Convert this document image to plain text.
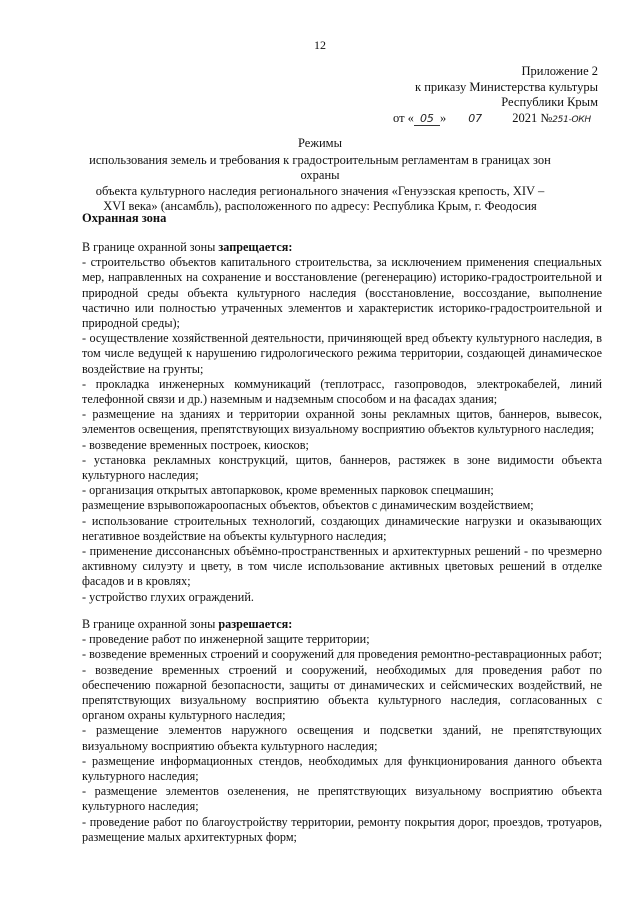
12
Приложение 2
к приказу Министерства культуры
Республики Крым
от « 05 » 07 2021 №251-ОКН
Режимы
использования земель и требования к градостроительным регламентам в границах зон охраны
объекта культурного наследия регионального значения «Генуэзская крепость, XIV –
XVI века» (ансамбль), расположенного по адресу: Республика Крым, г. Феодосия
Охранная зона

В границе охранной зоны запрещается:

- строительство объектов капитального строительства, за исключением применения специальных мер, направленных на сохранение и восстановление (регенерацию) историко-градостроительной и природной среды объекта культурного наследия (восстановление, воссоздание, выполнение частично или полностью утраченных элементов и характеристик историко-градостроительной и природной среды);

- осуществление хозяйственной деятельности, причиняющей вред объекту культурного наследия, в том числе ведущей к нарушению гидрологического режима территории, создающей динамическое воздействие на грунты;

- прокладка инженерных коммуникаций (теплотрасс, газопроводов, электрокабелей, линий телефонной связи и др.) наземным и надземным способом и на фасадах здания;

- размещение на зданиях и территории охранной зоны рекламных щитов, баннеров, вывесок, элементов освещения, препятствующих визуальному восприятию объектов культурного наследия;

- возведение временных построек, киосков;

- установка рекламных конструкций, щитов, баннеров, растяжек в зоне видимости объекта культурного наследия;

- организация открытых автопарковок, кроме временных парковок спецмашин;

размещение взрывопожароопасных объектов, объектов с динамическим воздействием;

- использование строительных технологий, создающих динамические нагрузки и оказывающих негативное воздействие на объекты культурного наследия;

- применение диссонансных объёмно-пространственных и архитектурных решений - по чрезмерно активному силуэту и цвету, в том числе использование активных цветовых решений в отделке фасадов и в кровлях;

- устройство глухих ограждений.

В границе охранной зоны разрешается:

- проведение работ по инженерной защите территории;

- возведение временных строений и сооружений для проведения ремонтно-реставрационных работ;

- возведение временных строений и сооружений, необходимых для проведения работ по обеспечению пожарной безопасности, защиты от динамических и сейсмических воздействий, не препятствующих визуальному восприятию объекта культурного наследия, согласованных с органом охраны культурного наследия;

- размещение элементов наружного освещения и подсветки зданий, не препятствующих визуальному восприятию объекта культурного наследия;

- размещение информационных стендов, необходимых для функционирования данного объекта культурного наследия;

- размещение элементов озеленения, не препятствующих визуальному восприятию объекта культурного наследия;

- проведение работ по благоустройству территории, ремонту покрытия дорог, проездов, тротуаров, размещение малых архитектурных форм;
